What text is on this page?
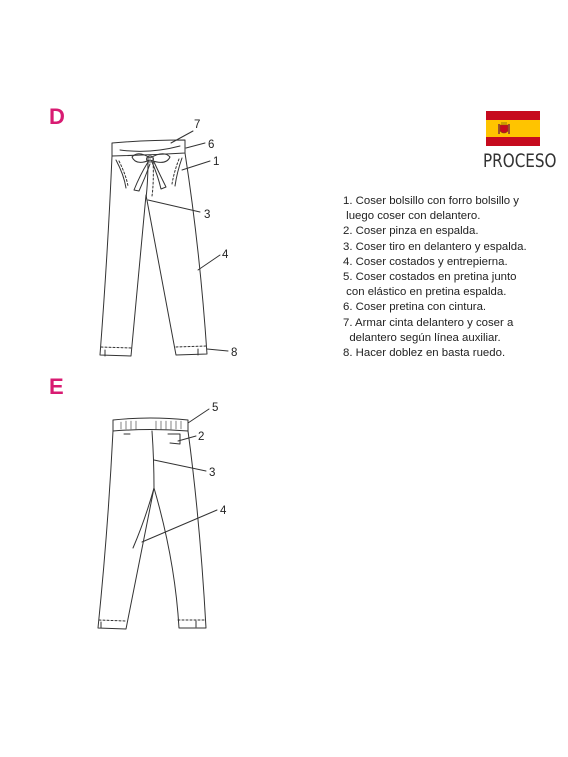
D
E
PROCESO
1. Coser bolsillo con forro bolsillo y
luego coser con delantero.
2. Coser pinza en espalda.
3. Coser tiro en delantero y espalda.
4. Coser costados y entrepierna.
5. Coser costados en pretina junto
con elástico en pretina espalda.
6. Coser pretina con cintura.
7. Armar cinta delantero y coser a
delantero según línea auxiliar.
8. Hacer doblez en basta ruedo.
7
6
1
3
4
8
5
2
3
4
